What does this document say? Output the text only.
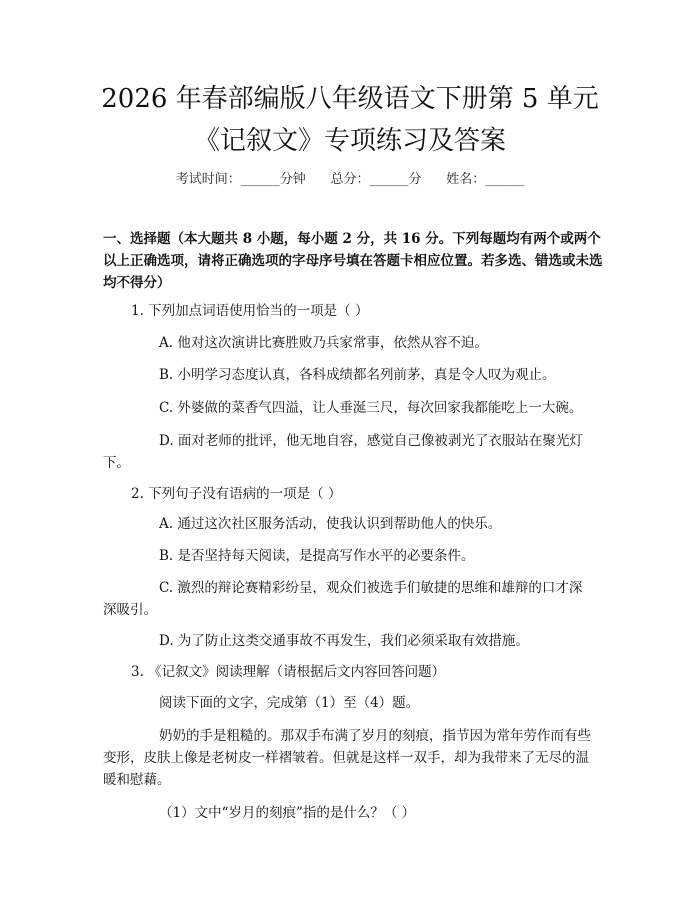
2026 年春部编版八年级语文下册第 5 单元

《记叙文》专项练习及答案

考试时间：______分钟      总分：______分      姓名：______

一、选择题（本大题共 8 小题，每小题 2 分，共 16 分。下列每题均有两个或两个以上正确选项，请将正确选项的字母序号填在答题卡相应位置。若多选、错选或未选均不得分）

1. 下列加点词语使用恰当的一项是（ ）

A. 他对这次演讲比赛胜败乃兵家常事，依然从容不迫。

B. 小明学习态度认真，各科成绩都名列前茅，真是令人叹为观止。

C. 外婆做的菜香气四溢，让人垂涎三尺，每次回家我都能吃上一大碗。

D. 面对老师的批评，他无地自容，感觉自己像被剥光了衣服站在聚光灯

下。

2. 下列句子没有语病的一项是（ ）

A. 通过这次社区服务活动，使我认识到帮助他人的快乐。

B. 是否坚持每天阅读，是提高写作水平的必要条件。

C. 激烈的辩论赛精彩纷呈，观众们被选手们敏捷的思维和雄辩的口才深

深吸引。

D. 为了防止这类交通事故不再发生，我们必须采取有效措施。

3. 《记叙文》阅读理解（请根据后文内容回答问题）

阅读下面的文字，完成第（1）至（4）题。

奶奶的手是粗糙的。那双手布满了岁月的刻痕，指节因为常年劳作而有些

变形，皮肤上像是老树皮一样褶皱着。但就是这样一双手，却为我带来了无尽的温

暖和慰藉。

（1）文中“岁月的刻痕”指的是什么？（ ）
